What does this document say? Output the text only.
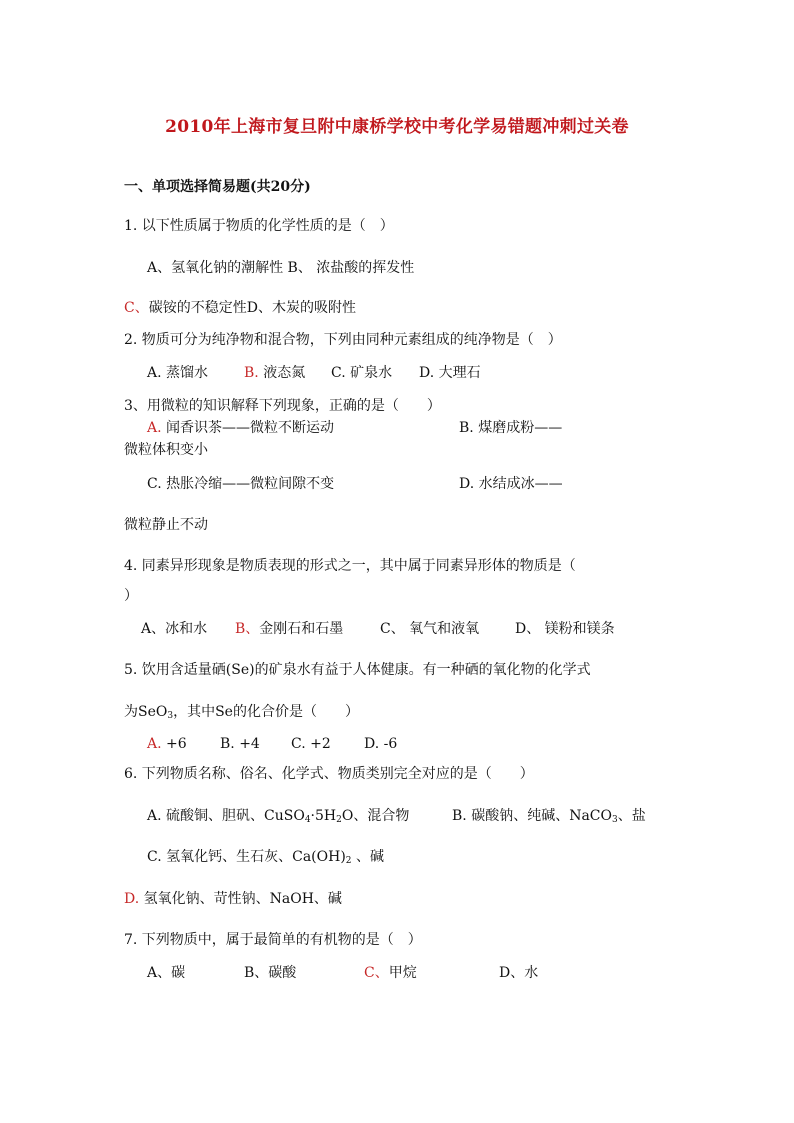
2010年上海市复旦附中康桥学校中考化学易错题冲刺过关卷
一、单项选择简易题(共20分)
1. 以下性质属于物质的化学性质的是（　）
A、氢氧化钠的潮解性 B、 浓盐酸的挥发性
C、碳铵的不稳定性D、木炭的吸附性
2. 物质可分为纯净物和混合物，下列由同种元素组成的纯净物是（　）
A. 蒸馏水	B. 液态氮 C. 矿泉水 D. 大理石
3、用微粒的知识解释下列现象，正确的是（　　）
A. 闻香识茶——微粒不断运动	B. 煤磨成粉——
微粒体积变小
C. 热胀冷缩——微粒间隙不变	D. 水结成冰——
微粒静止不动
4. 同素异形现象是物质表现的形式之一，其中属于同素异形体的物质是（
）
A、冰和水 B、金刚石和石墨	C、 氧气和液氧	D、 镁粉和镁条
5. 饮用含适量硒(Se)的矿泉水有益于人体健康。有一种硒的氧化物的化学式
为SeO$_3$，其中Se的化合价是（　　）
A. +6 B. +4 C. +2 D. -6
6. 下列物质名称、俗名、化学式、物质类别完全对应的是（　　）
A. 硫酸铜、胆矾、$CuSO_4\cdot 5H_2O$、混合物	B. 碳酸钠、纯碱、NaCO$_3$、盐
C. 氢氧化钙、生石灰、$Ca(OH)_2$ 、碱
D. 氢氧化钠、苛性钠、NaOH、碱
7. 下列物质中，属于最简单的有机物的是（　）
A、碳	B、碳酸	C、甲烷	D、水
